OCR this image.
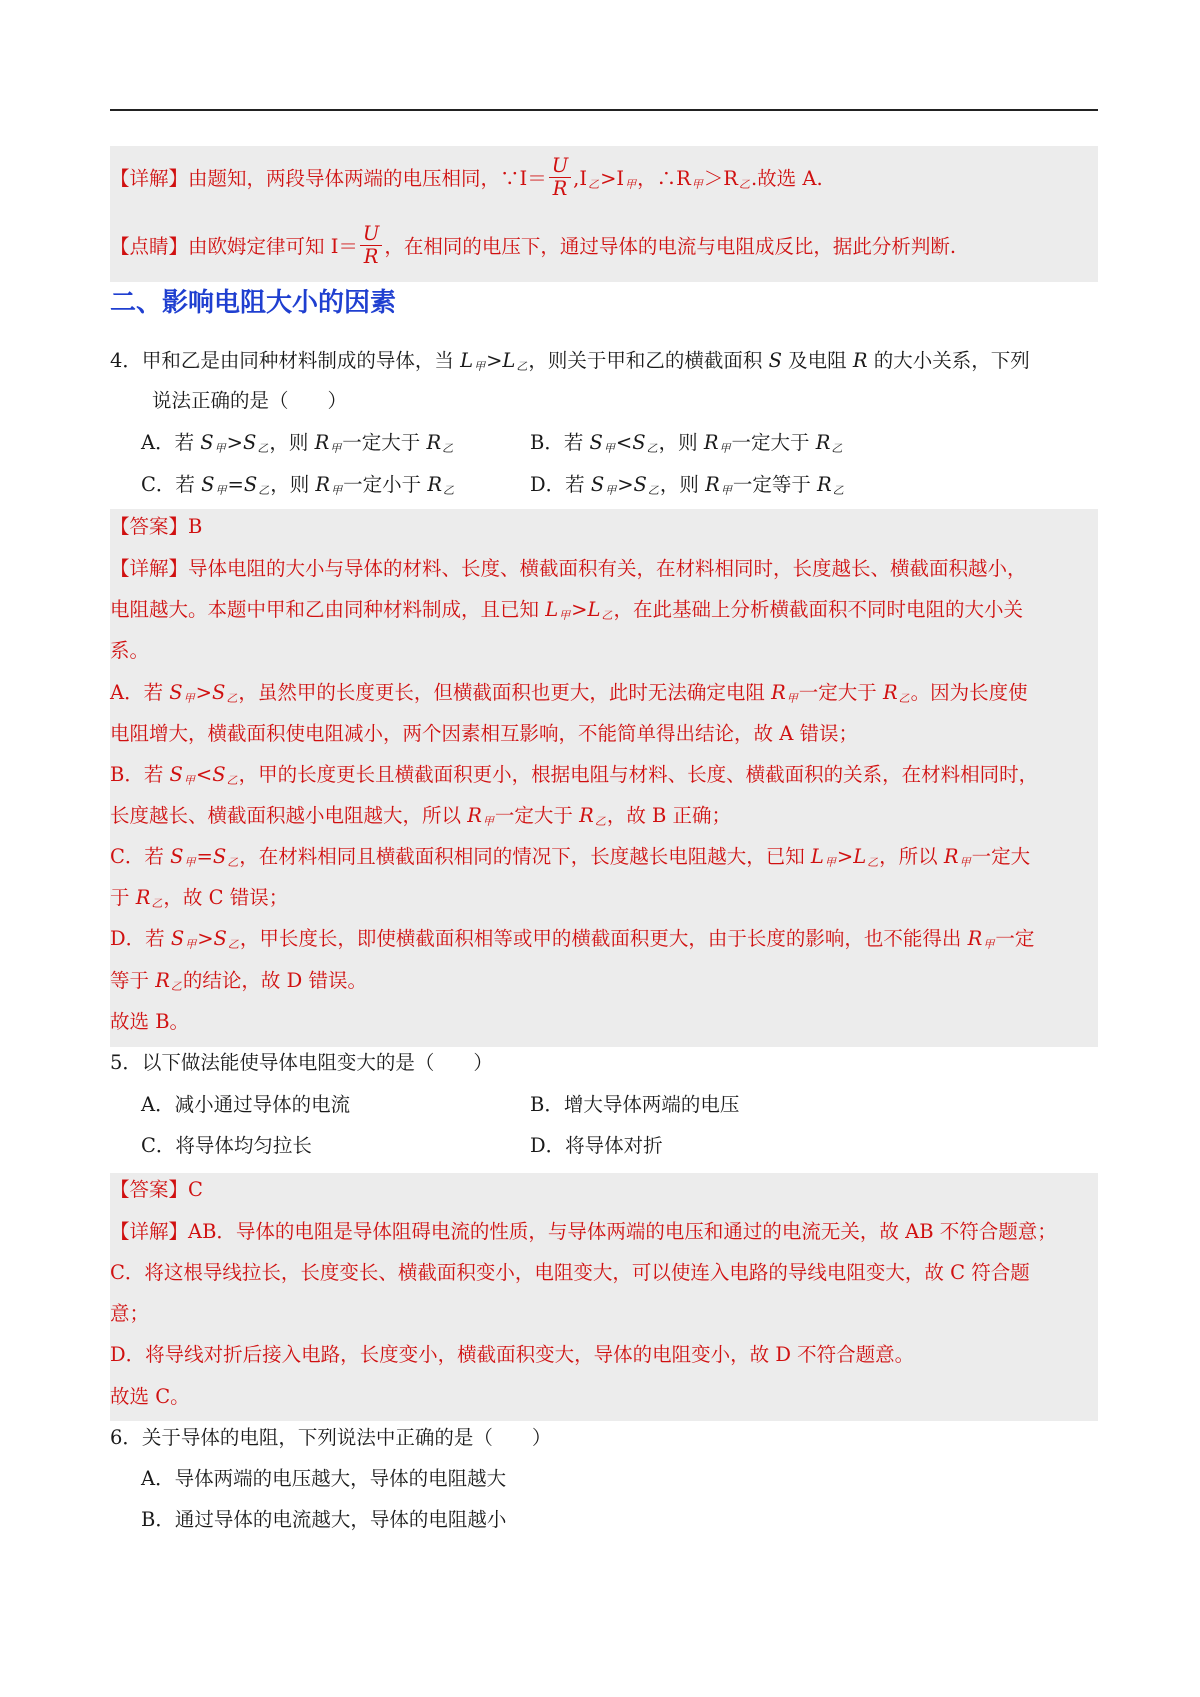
【详解】由题知，两段导体两端的电压相同，∵I＝ $\frac{U}{R} ,I_乙>I_甲$，$\therefore R_甲>R_乙$.故选 A.
【点睛】由欧姆定律可知 $I= \frac{U}{R}$ ，在相同的电压下，通过导体的电流与电阻成反比，据此分析判断.
二、影响电阻大小的因素
4．甲和乙是由同种材料制成的导体，当 $L_甲>L_乙$，则关于甲和乙的横截面积 S 及电阻 R 的大小关系，下列
说法正确的是（　　）
A．若 $S_甲>S_乙$，则 $R_甲$一定大于 $R_乙$	B．若 $S_甲<S_乙$，则 $R_甲$一定大于 $R_乙$
C．若 $S_甲=S_乙$，则 $R_甲$一定小于 $R_乙$	D．若 $S_甲>S_乙$，则 $R_甲$一定等于 $R_乙$
【答案】B
【详解】导体电阻的大小与导体的材料、长度、横截面积有关，在材料相同时，长度越长、横截面积越小，
电阻越大。本题中甲和乙由同种材料制成，且已知 $L_甲>L_乙$，在此基础上分析横截面积不同时电阻的大小关
系。
A．若 $S_甲>S_乙$，虽然甲的长度更长，但横截面积也更大，此时无法确定电阻 $R_甲$一定大于 $R_乙$。因为长度使
电阻增大，横截面积使电阻减小，两个因素相互影响，不能简单得出结论，故 A 错误；
B．若 $S_甲<S_乙$，甲的长度更长且横截面积更小，根据电阻与材料、长度、横截面积的关系，在材料相同时，
长度越长、横截面积越小电阻越大，所以 $R_甲$一定大于 $R_乙$，故 B 正确；
C．若 $S_甲=S_乙$，在材料相同且横截面积相同的情况下，长度越长电阻越大，已知 $L_甲>L_乙$，所以 $R_甲$一定大
于 $R_乙$，故 C 错误；
D．若 $S_甲>S_乙$，甲长度长，即使横截面积相等或甲的横截面积更大，由于长度的影响，也不能得出 $R_甲$一定
等于 $R_乙$的结论，故 D 错误。
故选 B。
5．以下做法能使导体电阻变大的是（　　）
A．减小通过导体的电流	B．增大导体两端的电压
C．将导体均匀拉长	D．将导体对折
【答案】C
【详解】AB．导体的电阻是导体阻碍电流的性质，与导体两端的电压和通过的电流无关，故 AB 不符合题意；
C．将这根导线拉长，长度变长、横截面积变小，电阻变大，可以使连入电路的导线电阻变大，故 C 符合题
意；
D．将导线对折后接入电路，长度变小，横截面积变大，导体的电阻变小，故 D 不符合题意。
故选 C。
6．关于导体的电阻，下列说法中正确的是（　　）
A．导体两端的电压越大，导体的电阻越大
B．通过导体的电流越大，导体的电阻越小
